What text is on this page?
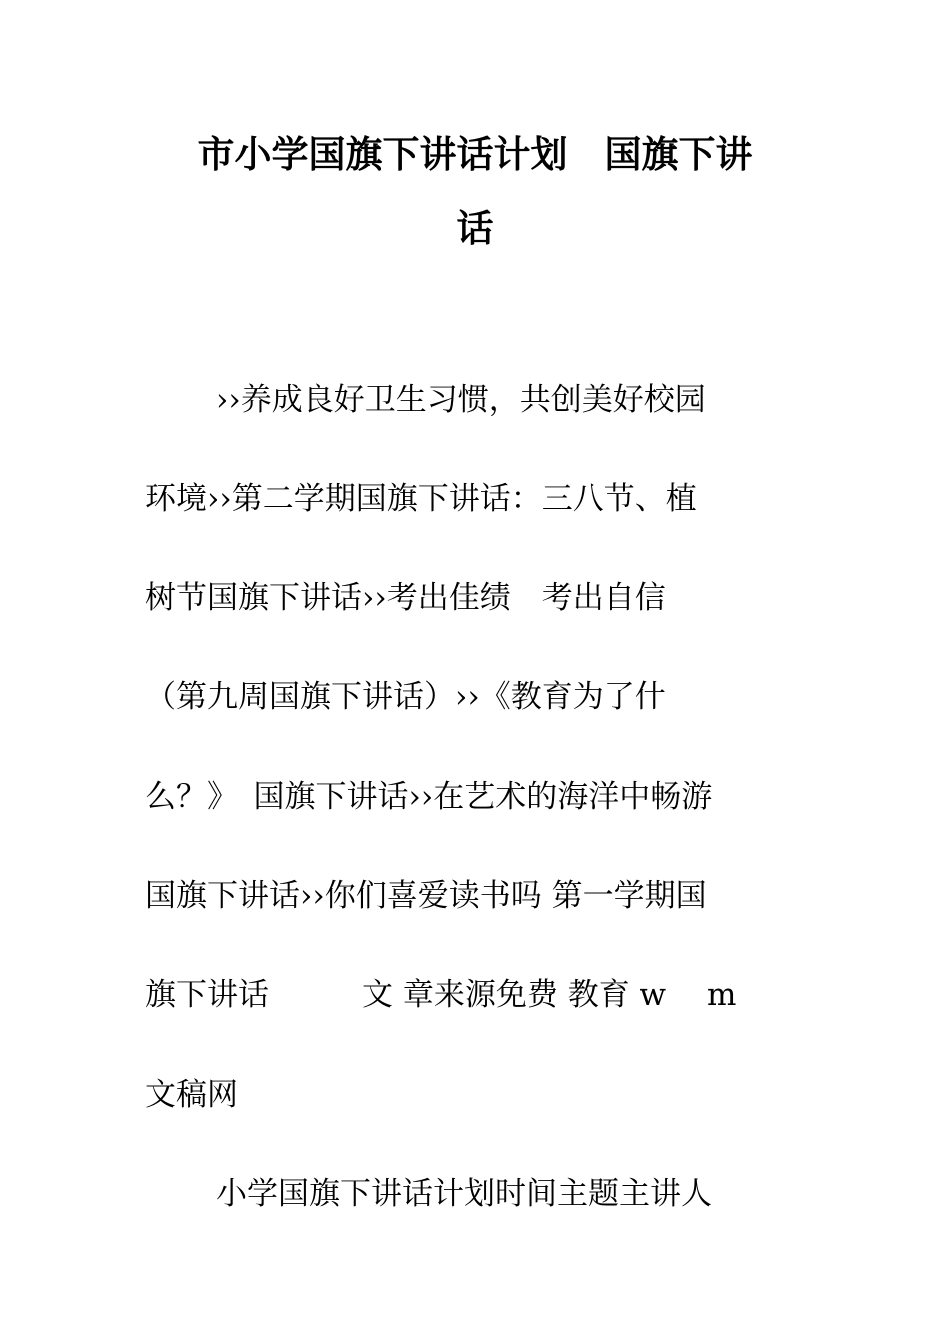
市小学国旗下讲话计划　国旗下讲
话
››养成良好卫生习惯，共创美好校园
环境››第二学期国旗下讲话：三八节、植
树节国旗下讲话››考出佳绩　考出自信
（第九周国旗下讲话）››《教育为了什
么？》　国旗下讲话››在艺术的海洋中畅游
国旗下讲话››你们喜爱读书吗 第一学期国
旗下讲话　　　文 章来源免费 教育 w　 m
文稿网
小学国旗下讲话计划时间主题主讲人
